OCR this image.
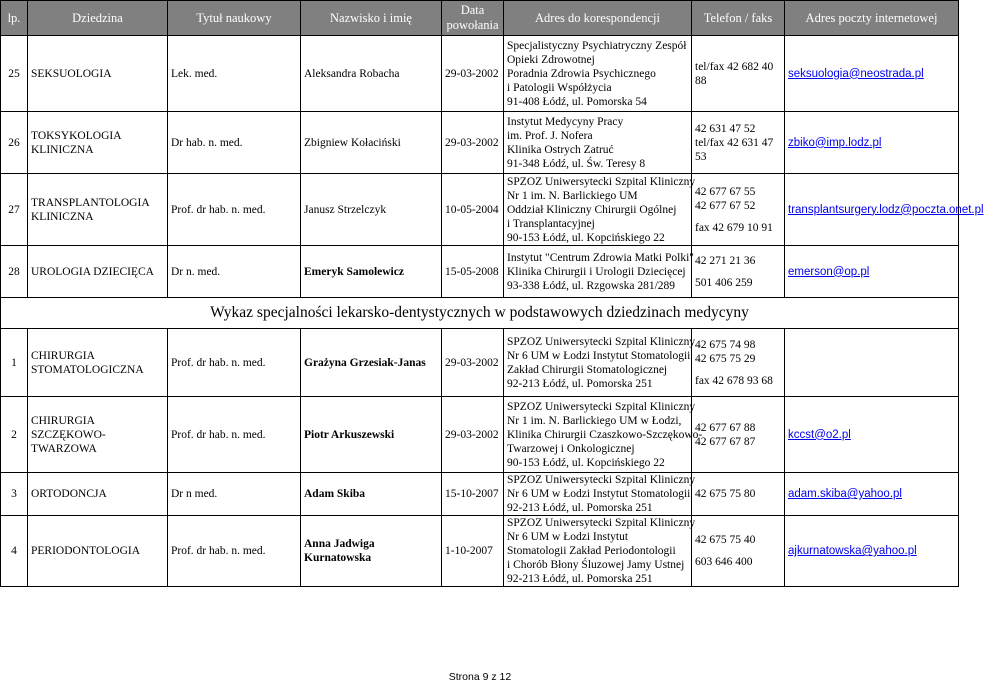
lp.	Dziedzina	Tytuł naukowy	Nazwisko i imię	Data powołania	Adres do korespondencji	Telefon / faks	Adres poczty internetowej
25	SEKSUOLOGIA	Lek. med.	Aleksandra Robacha	29-03-2002	Specjalistyczny Psychiatryczny Zespół
Opieki Zdrowotnej
Poradnia Zdrowia Psychicznego
i Patologii Współżycia
91-408 Łódź, ul. Pomorska 54	tel/fax 42 682 40
88	seksuologia@neostrada.pl
26	TOKSYKOLOGIA KLINICZNA	Dr hab. n. med.	Zbigniew Kołaciński	29-03-2002	Instytut Medycyny Pracy
im. Prof. J. Nofera
Klinika Ostrych Zatruć
91-348 Łódź, ul. Św. Teresy 8	42 631 47 52
tel/fax 42 631 47
53	zbiko@imp.lodz.pl
27	TRANSPLANTOLOGIA KLINICZNA	Prof. dr hab. n. med.	Janusz Strzelczyk	10-05-2004	SPZOZ Uniwersytecki Szpital Kliniczny
Nr 1 im. N. Barlickiego UM
Oddział Kliniczny Chirurgii Ogólnej
i Transplantacyjnej
90-153 Łódź, ul. Kopcińskiego 22	42 677 67 55
42 677 67 52
fax 42 679 10 91	transplantsurgery.lodz@poczta.onet.pl
28	UROLOGIA DZIECIĘCA	Dr n. med.	Emeryk Samolewicz	15-05-2008	Instytut "Centrum Zdrowia Matki Polki"
Klinika Chirurgii i Urologii Dziecięcej
93-338 Łódź, ul. Rzgowska 281/289	42 271 21 36
501 406 259	emerson@op.pl
Wykaz specjalności lekarsko-dentystycznych w podstawowych dziedzinach medycyny							
1	CHIRURGIA STOMATOLOGICZNA	Prof. dr hab. n. med.	Grażyna Grzesiak-Janas	29-03-2002	SPZOZ Uniwersytecki Szpital Kliniczny
Nr 6 UM w Łodzi Instytut Stomatologii
Zakład Chirurgii Stomatologicznej
92-213 Łódź, ul. Pomorska 251	42 675 74 98
42 675 75 29
fax 42 678 93 68	

2	CHIRURGIA SZCZĘKOWO-TWARZOWA	Prof. dr hab. n. med.	Piotr Arkuszewski	29-03-2002	SPZOZ Uniwersytecki Szpital Kliniczny
Nr 1 im. N. Barlickiego UM w Łodzi,
Klinika Chirurgii Czaszkowo-Szczękowo-
Twarzowej i Onkologicznej
90-153 Łódź, ul. Kopcińskiego 22	42 677 67 88
42 677 67 87	kccst@o2.pl
3	ORTODONCJA	Dr n med.	Adam Skiba	15-10-2007	SPZOZ Uniwersytecki Szpital Kliniczny
Nr 6 UM w Łodzi Instytut Stomatologii
92-213 Łódź, ul. Pomorska 251	42 675 75 80	adam.skiba@yahoo.pl
4	PERIODONTOLOGIA	Prof. dr hab. n. med.	Anna Jadwiga Kurnatowska	1-10-2007	SPZOZ Uniwersytecki Szpital Kliniczny
Nr 6 UM w Łodzi Instytut
Stomatologii Zakład Periodontologii
i Chorób Błony Śluzowej Jamy Ustnej
92-213 Łódź, ul. Pomorska 251	42 675 75 40
603 646 400	ajkurnatowska@yahoo.pl
Strona 9 z 12
